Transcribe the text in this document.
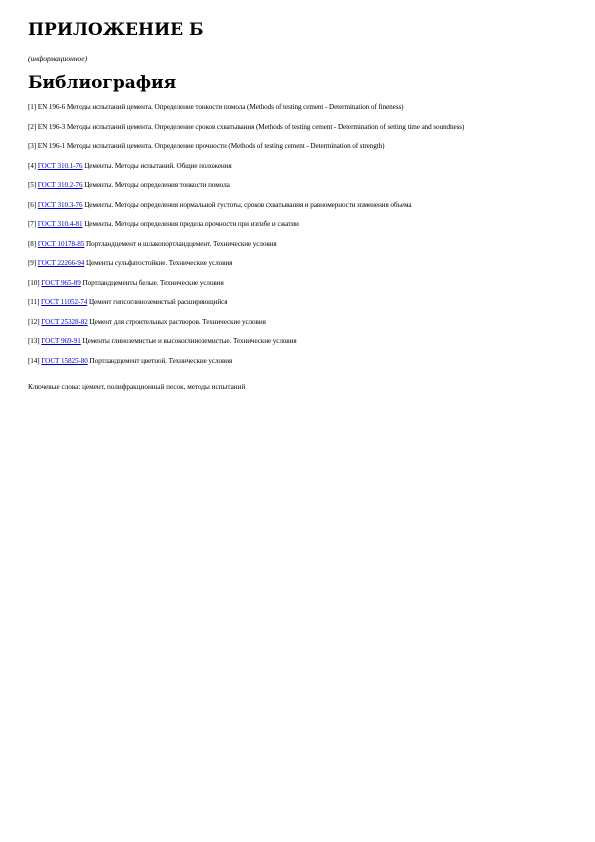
ПРИЛОЖЕНИЕ Б

(информационное)

Библиография

[1] EN 196-6 Методы испытаний цемента. Определение тонкости помола (Methods of testing cement - Determination of fineness)

[2] EN 196-3 Методы испытаний цемента. Определение сроков схватывания (Methods of testing cement - Determination of setting time and soundness)

[3] EN 196-1 Методы испытаний цемента. Определение прочности (Methods of testing cement - Determination of strength)

[4] ГОСТ 310.1-76 Цементы. Методы испытаний. Общие положения

[5] ГОСТ 310.2-76 Цементы. Методы определения тонкости помола

[6] ГОСТ 310.3-76 Цементы. Методы определения нормальной густоты, сроков схватывания и равномерности изменения объема

[7] ГОСТ 310.4-81 Цементы. Методы определения предела прочности при изгибе и сжатии

[8] ГОСТ 10178-85 Портландцемент и шлакопортландцемент. Технические условия

[9] ГОСТ 22266-94 Цементы сульфатостойкие. Технические условия

[10] ГОСТ 965-89 Портландцементы белые. Технические условия

[11] ГОСТ 11052-74 Цемент гипсоглиноземистый расширяющийся

[12] ГОСТ 25328-82 Цемент для строительных растворов. Технические условия

[13] ГОСТ 969-91 Цементы глиноземистые и высокоглиноземистые. Технические условия

[14] ГОСТ 15825-80 Портландцемент цветной. Технические условия

Ключевые слова: цемент, полифракционный песок, методы испытаний
